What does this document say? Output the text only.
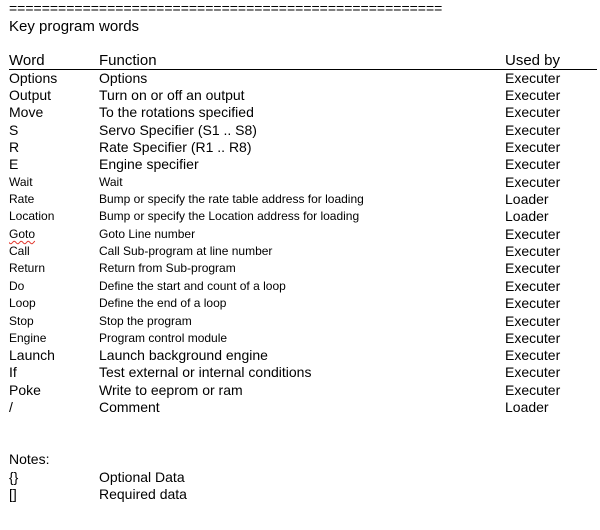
=====================================================
Key program words
Word	Function	Used by
Options	Options	Executer
Output	Turn on or off an output	Executer
Move	To the rotations specified	Executer
S	Servo Specifier (S1 .. S8)	Executer
R	Rate Specifier (R1 .. R8)	Executer
E	Engine specifier	Executer
Wait	Wait	Executer
Rate	Bump or specify the rate table address for loading	Loader
Location	Bump or specify the Location address for loading	Loader
Goto	Goto Line number	Executer
Call	Call Sub-program at line number	Executer
Return	Return from Sub-program	Executer
Do	Define the start and count of a loop	Executer
Loop	Define the end of a loop	Executer
Stop	Stop the program	Executer
Engine	Program control module	Executer
Launch	Launch background engine	Executer
If	Test external or internal conditions	Executer
Poke	Write to eeprom or ram	Executer
/	Comment	Loader
Notes:
{}	Optional Data
[]	Required data
